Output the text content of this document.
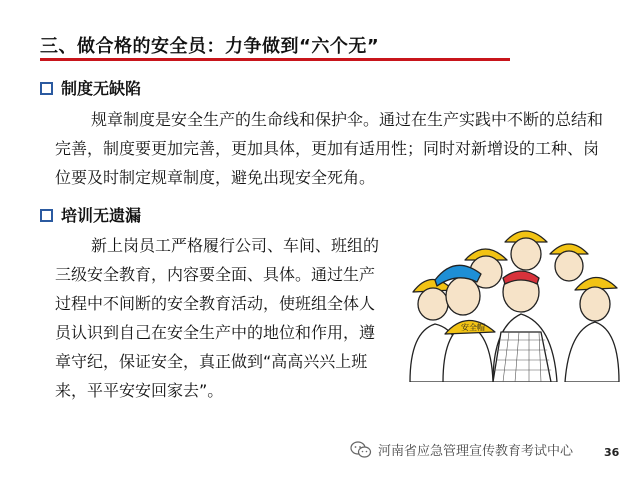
三、做合格的安全员：力争做到“六个无”
制度无缺陷
规章制度是安全生产的生命线和保护伞。通过在生产实践中不断的总结和
完善，制度要更加完善，更加具体，更加有适用性；同时对新增设的工种、岗
位要及时制定规章制度，避免出现安全死角。
培训无遗漏
新上岗员工严格履行公司、车间、班组的
三级安全教育，内容要全面、具体。通过生产
过程中不间断的安全教育活动，使班组全体人
员认识到自己在安全生产中的地位和作用，遵
章守纪，保证安全，真正做到“高高兴兴上班
来，平平安安回家去”。
安全帽
河南省应急管理宣传教育考试中心	36
